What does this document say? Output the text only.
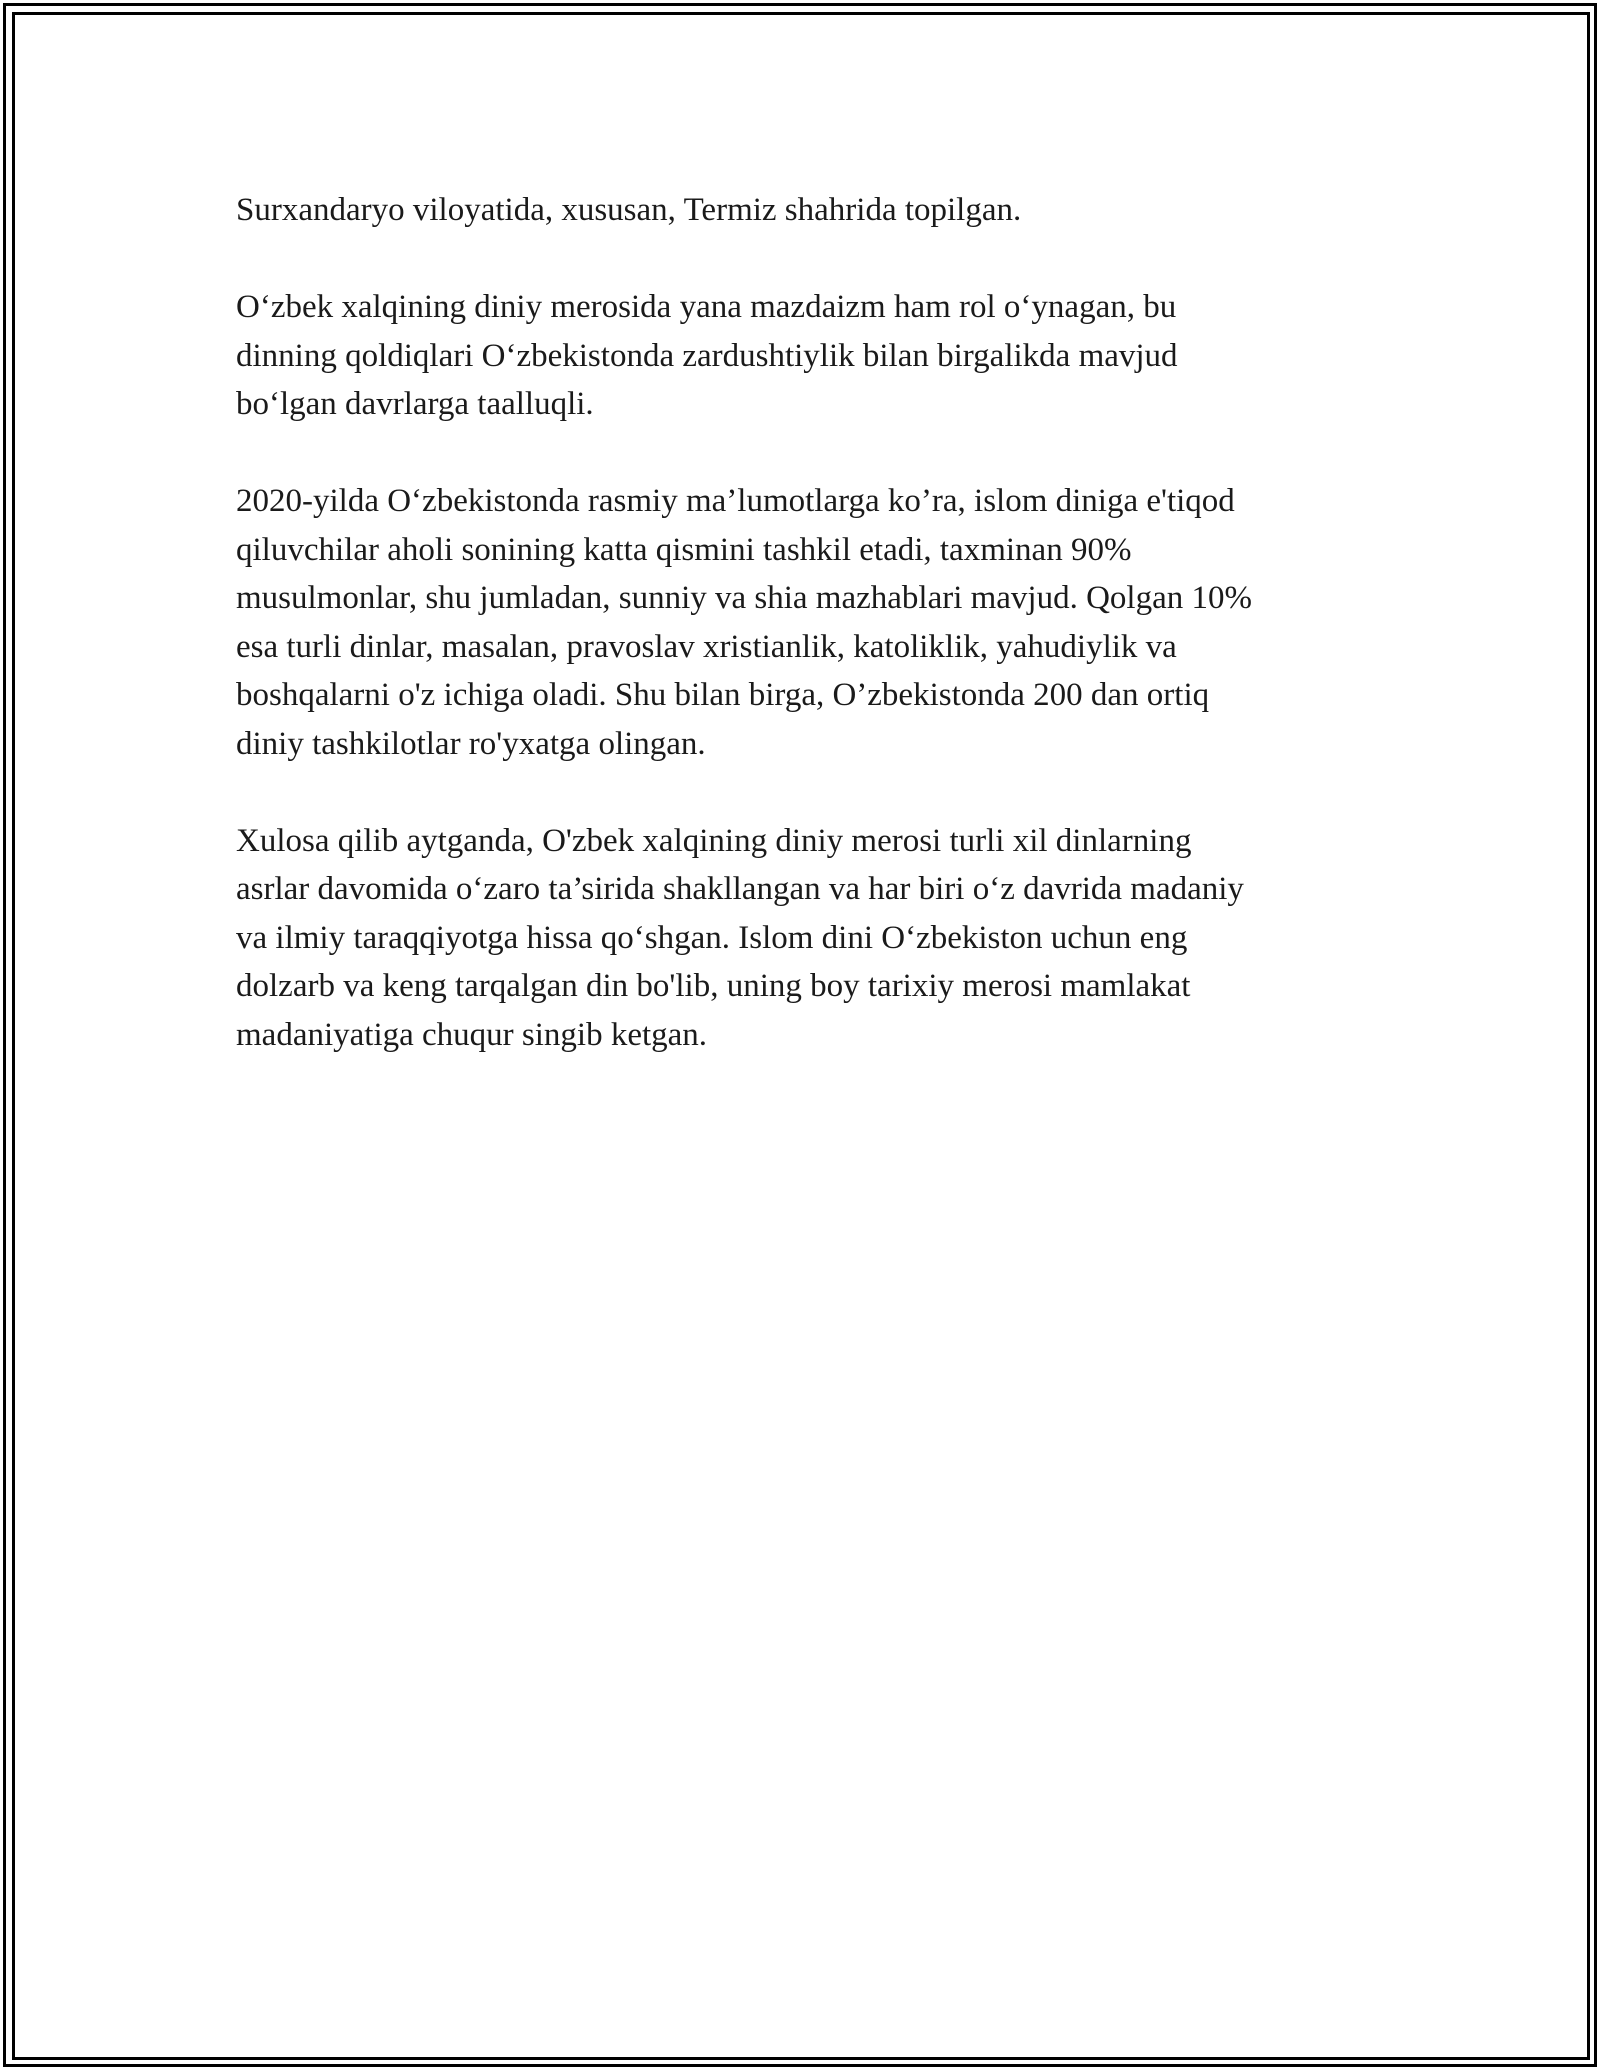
Surxandaryo viloyatida, xususan, Termiz shahrida topilgan.

O‘zbek xalqining diniy merosida yana mazdaizm ham rol o‘ynagan, bu
dinning qoldiqlari O‘zbekistonda zardushtiylik bilan birgalikda mavjud
bo‘lgan davrlarga taalluqli.

2020-yilda O‘zbekistonda rasmiy ma’lumotlarga ko’ra, islom diniga e'tiqod
qiluvchilar aholi sonining katta qismini tashkil etadi, taxminan 90%
musulmonlar, shu jumladan, sunniy va shia mazhablari mavjud. Qolgan 10%
esa turli dinlar, masalan, pravoslav xristianlik, katoliklik, yahudiylik va
boshqalarni o'z ichiga oladi. Shu bilan birga, O’zbekistonda 200 dan ortiq
diniy tashkilotlar ro'yxatga olingan.

Xulosa qilib aytganda, O'zbek xalqining diniy merosi turli xil dinlarning
asrlar davomida o‘zaro ta’sirida shakllangan va har biri o‘z davrida madaniy
va ilmiy taraqqiyotga hissa qo‘shgan. Islom dini O‘zbekiston uchun eng
dolzarb va keng tarqalgan din bo'lib, uning boy tarixiy merosi mamlakat
madaniyatiga chuqur singib ketgan.
